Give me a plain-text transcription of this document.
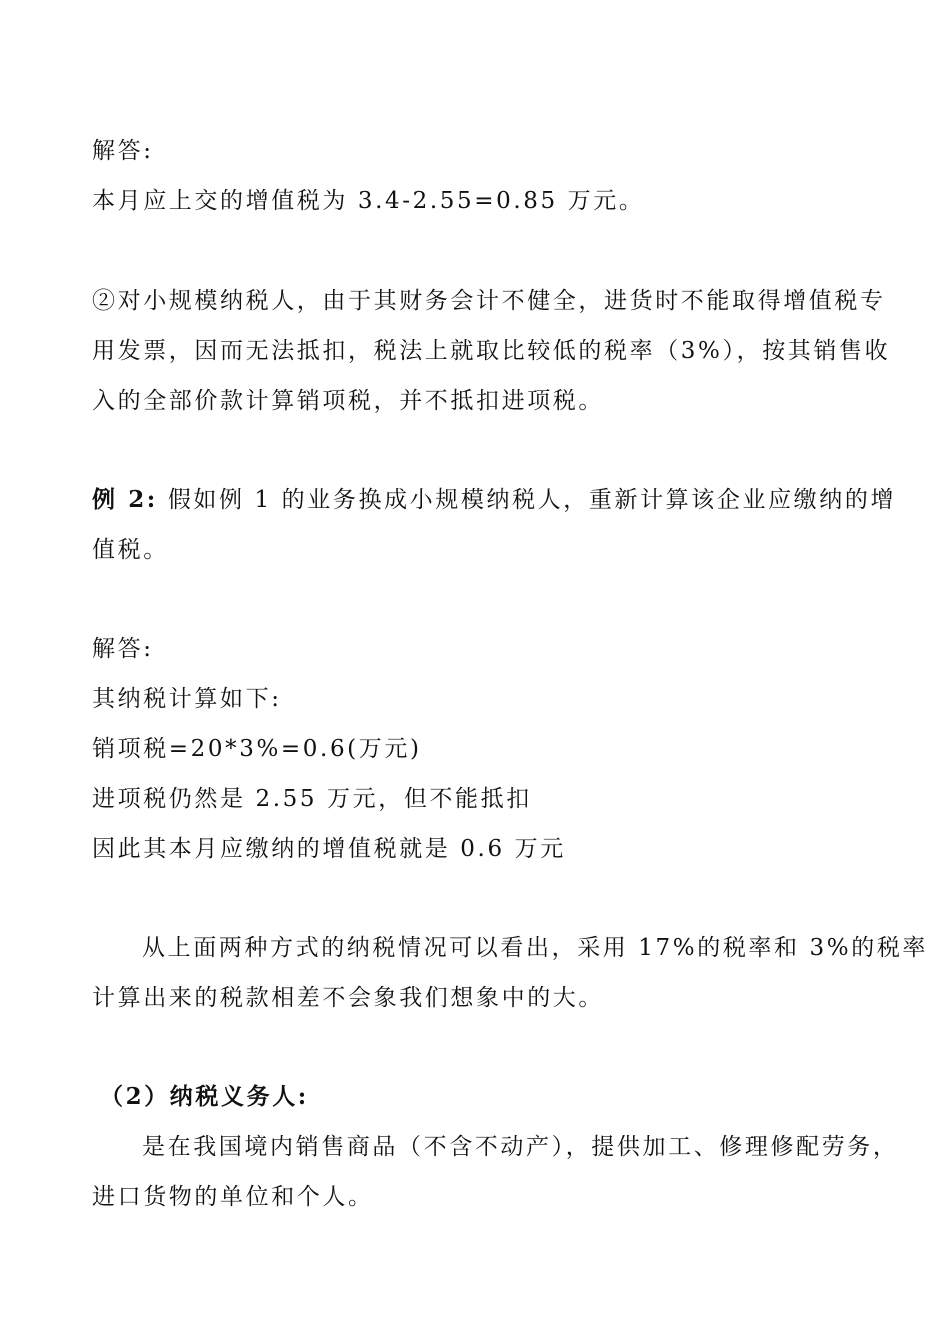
解答:
本月应上交的增值税为 3.4-2.55=0.85 万元。
②对小规模纳税人，由于其财务会计不健全，进货时不能取得增值税专
用发票，因而无法抵扣，税法上就取比较低的税率（3%），按其销售收
入的全部价款计算销项税，并不抵扣进项税。
例 2: 假如例 1 的业务换成小规模纳税人，重新计算该企业应缴纳的增
值税。
解答:
其纳税计算如下:
销项税=20*3%=0.6(万元)
进项税仍然是 2.55 万元，但不能抵扣
因此其本月应缴纳的增值税就是 0.6 万元
从上面两种方式的纳税情况可以看出，采用 17%的税率和 3%的税率
计算出来的税款相差不会象我们想象中的大。
（2）纳税义务人:
是在我国境内销售商品（不含不动产），提供加工、修理修配劳务，
进口货物的单位和个人。
